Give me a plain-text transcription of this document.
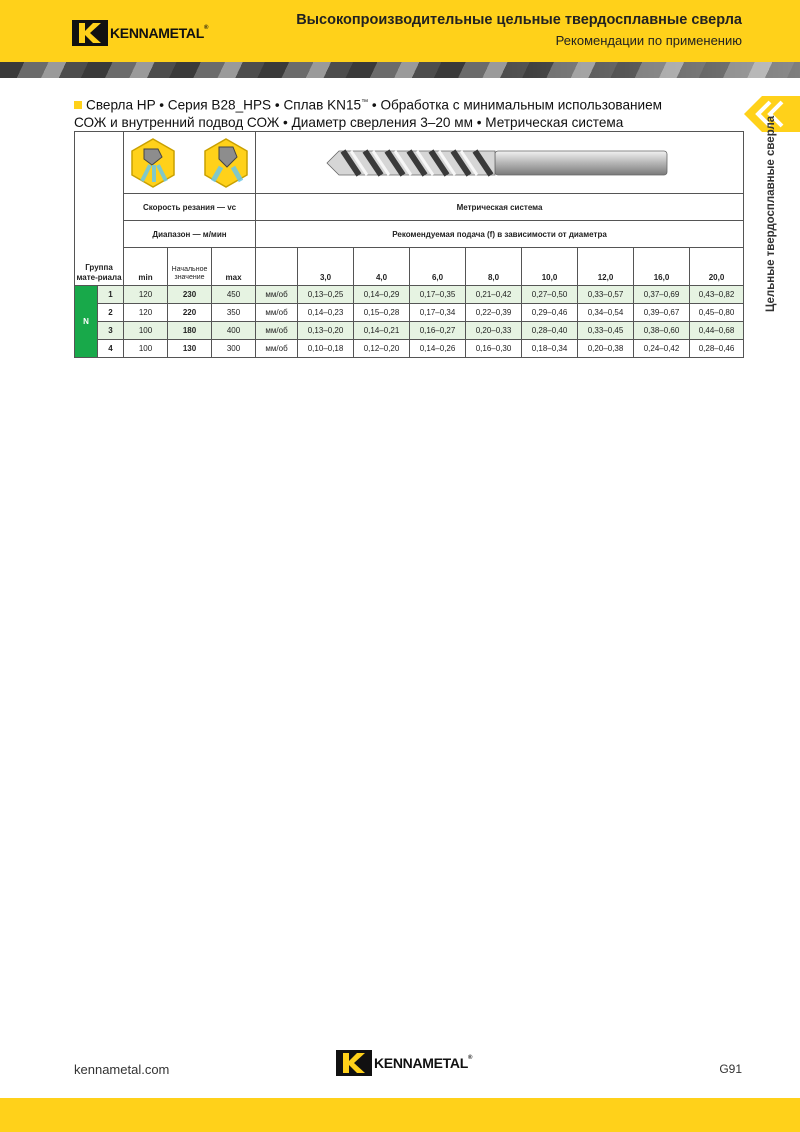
KENNAMETAL®	Высокопроизводительные цельные твердосплавные сверла
Рекомендации по применению
Цельные твердосплавные сверла
Сверла HP • Серия B28_HPS • Сплав KN15™ • Обработка с минимальным использованием
СОЖ и внутренний подвод СОЖ • Диаметр сверления 3–20 мм • Метрическая система
Группа мате-риала	

		Скорость резания — vc			Метрическая система								
		Диапазон — м/мин			Рекомендуемая подача (f) в зависимости от диаметра								
		min	Начальное значение	max		3,0	4,0	6,0	8,0	10,0	12,0	16,0	20,0
N	1	120	230	450	мм/об	0,13–0,25	0,14–0,29	0,17–0,35	0,21–0,42	0,27–0,50	0,33–0,57	0,37–0,69	0,43–0,82
	2	120	220	350	мм/об	0,14–0,23	0,15–0,28	0,17–0,34	0,22–0,39	0,29–0,46	0,34–0,54	0,39–0,67	0,45–0,80
	3	100	180	400	мм/об	0,13–0,20	0,14–0,21	0,16–0,27	0,20–0,33	0,28–0,40	0,33–0,45	0,38–0,60	0,44–0,68
	4	100	130	300	мм/об	0,10–0,18	0,12–0,20	0,14–0,26	0,16–0,30	0,18–0,34	0,20–0,38	0,24–0,42	0,28–0,46
kennametal.com	KENNAMETAL®
G91
